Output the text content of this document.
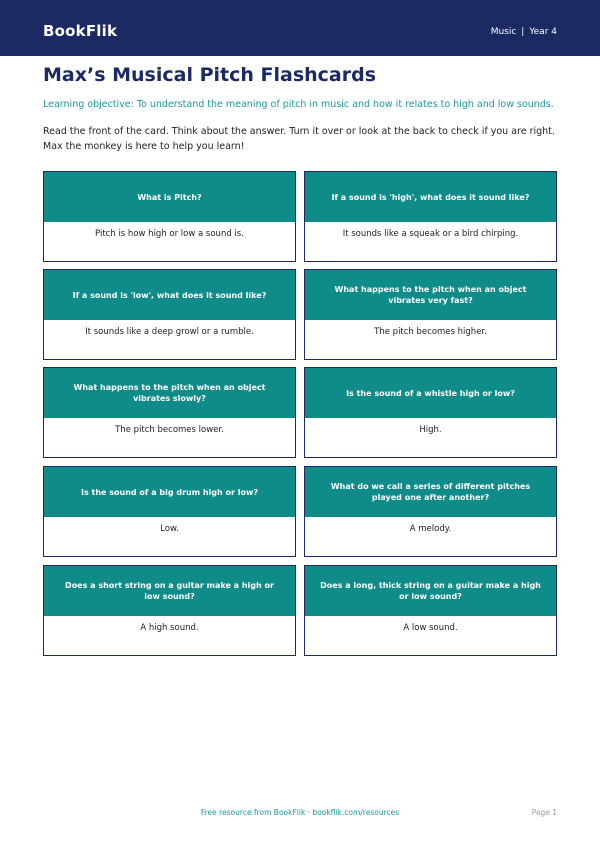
BookFlik	Music | Year 4
Max’s Musical Pitch Flashcards
Learning objective: To understand the meaning of pitch in music and how it relates to high and low sounds.
Read the front of the card. Think about the answer. Turn it over or look at the back to check if you are right. Max the monkey is here to help you learn!
What is Pitch?
Pitch is how high or low a sound is.
If a sound is 'high', what does it sound like?
It sounds like a squeak or a bird chirping.
If a sound is 'low', what does it sound like?
It sounds like a deep growl or a rumble.
What happens to the pitch when an object vibrates very fast?
The pitch becomes higher.
What happens to the pitch when an object vibrates slowly?
The pitch becomes lower.
Is the sound of a whistle high or low?
High.
Is the sound of a big drum high or low?
Low.
What do we call a series of different pitches played one after another?
A melody.
Does a short string on a guitar make a high or low sound?
A high sound.
Does a long, thick string on a guitar make a high or low sound?
A low sound.
Free resource from BookFlik · bookflik.com/resources	Page 1
